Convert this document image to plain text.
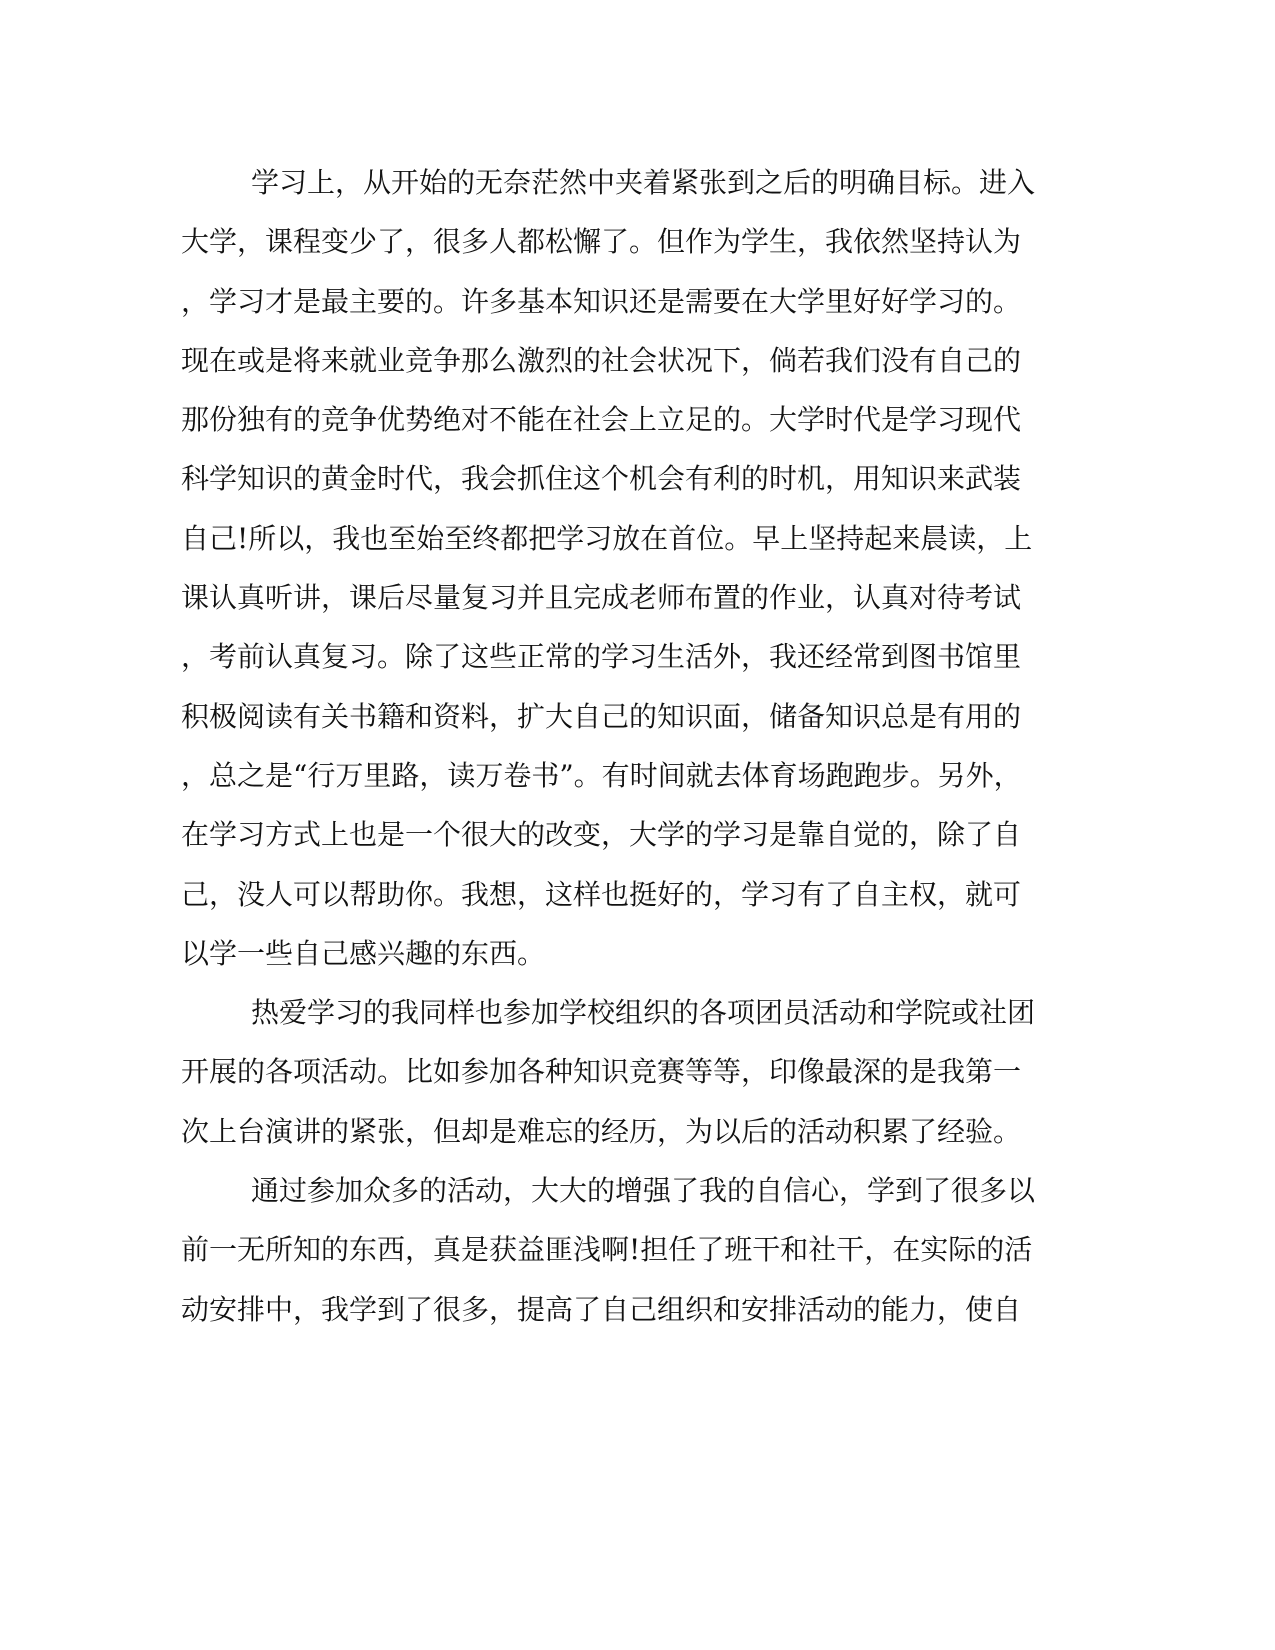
学习上，从开始的无奈茫然中夹着紧张到之后的明确目标。进入
大学，课程变少了，很多人都松懈了。但作为学生，我依然坚持认为
，学习才是最主要的。许多基本知识还是需要在大学里好好学习的。
现在或是将来就业竞争那么激烈的社会状况下，倘若我们没有自己的
那份独有的竞争优势绝对不能在社会上立足的。大学时代是学习现代
科学知识的黄金时代，我会抓住这个机会有利的时机，用知识来武装
自己!所以，我也至始至终都把学习放在首位。早上坚持起来晨读，上
课认真听讲，课后尽量复习并且完成老师布置的作业，认真对待考试
，考前认真复习。除了这些正常的学习生活外，我还经常到图书馆里
积极阅读有关书籍和资料，扩大自己的知识面，储备知识总是有用的
，总之是“行万里路，读万卷书”。有时间就去体育场跑跑步。另外，
在学习方式上也是一个很大的改变，大学的学习是靠自觉的，除了自
己，没人可以帮助你。我想，这样也挺好的，学习有了自主权，就可
以学一些自己感兴趣的东西。
热爱学习的我同样也参加学校组织的各项团员活动和学院或社团
开展的各项活动。比如参加各种知识竞赛等等，印像最深的是我第一
次上台演讲的紧张，但却是难忘的经历，为以后的活动积累了经验。
通过参加众多的活动，大大的增强了我的自信心，学到了很多以
前一无所知的东西，真是获益匪浅啊!担任了班干和社干，在实际的活
动安排中，我学到了很多，提高了自己组织和安排活动的能力，使自
